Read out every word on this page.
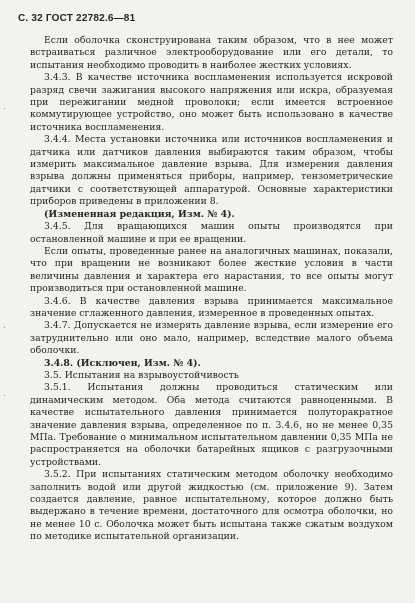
С. 32 ГОСТ 22782.6—81
·
·
·

Если оболочка сконструирована таким образом, что в нее может встраиваться различное электрооборудование или его детали, то испытания необходимо проводить в наиболее жестких условиях.

3.4.3. В качестве источника воспламенения используется искровой разряд свечи зажигания высокого напряжения или искра, образуемая при пережигании медной проволоки; если имеется встроенное коммутирующее устройство, оно может быть использовано в качестве источника воспламенения.

3.4.4. Места установки источника или источников воспламенения и датчика или датчиков давления выбираются таким образом, чтобы измерить максимальное давление взрыва. Для измерения давления взрыва должны применяться приборы, например, тензометрические датчики с соответствующей аппаратурой. Основные характеристики приборов приведены в приложении 8.

(Измененная редакция, Изм. № 4).

3.4.5. Для вращающихся машин опыты производятся при остановленной машине и при ее вращении.

Если опыты, проведенные ранее на аналогичных машинах, показали, что при вращении не возникают более жесткие условия в части величины давления и характера его нарастания, то все опыты могут производиться при остановленной машине.

3.4.6. В качестве давления взрыва принимается максимальное значение сглаженного давления, измеренное в проведенных опытах.

3.4.7. Допускается не измерять давление взрыва, если измерение его затруднительно или оно мало, например, вследствие малого объема оболочки.

3.4.8. (Исключен, Изм. № 4).

3.5. Испытания на взрывоустойчивость

3.5.1. Испытания должны проводиться статическим или динамическим методом. Оба метода считаются равноценными. В качестве испытательного давления принимается полуторакратное значение давления взрыва, определенное по п. 3.4.6, но не менее 0,35 МПа. Требование о минимальном испытательном давлении 0,35 МПа не распространяется на оболочки батарейных ящиков с разгрузочными устройствами.

3.5.2. При испытаниях статическим методом оболочку необходимо заполнить водой или другой жидкостью (см. приложение 9). Затем создается давление, равное испытательному, которое должно быть выдержано в течение времени, достаточного для осмотра оболочки, но не менее 10 с. Оболочка может быть испытана также сжатым воздухом по методике испытательной организации.
